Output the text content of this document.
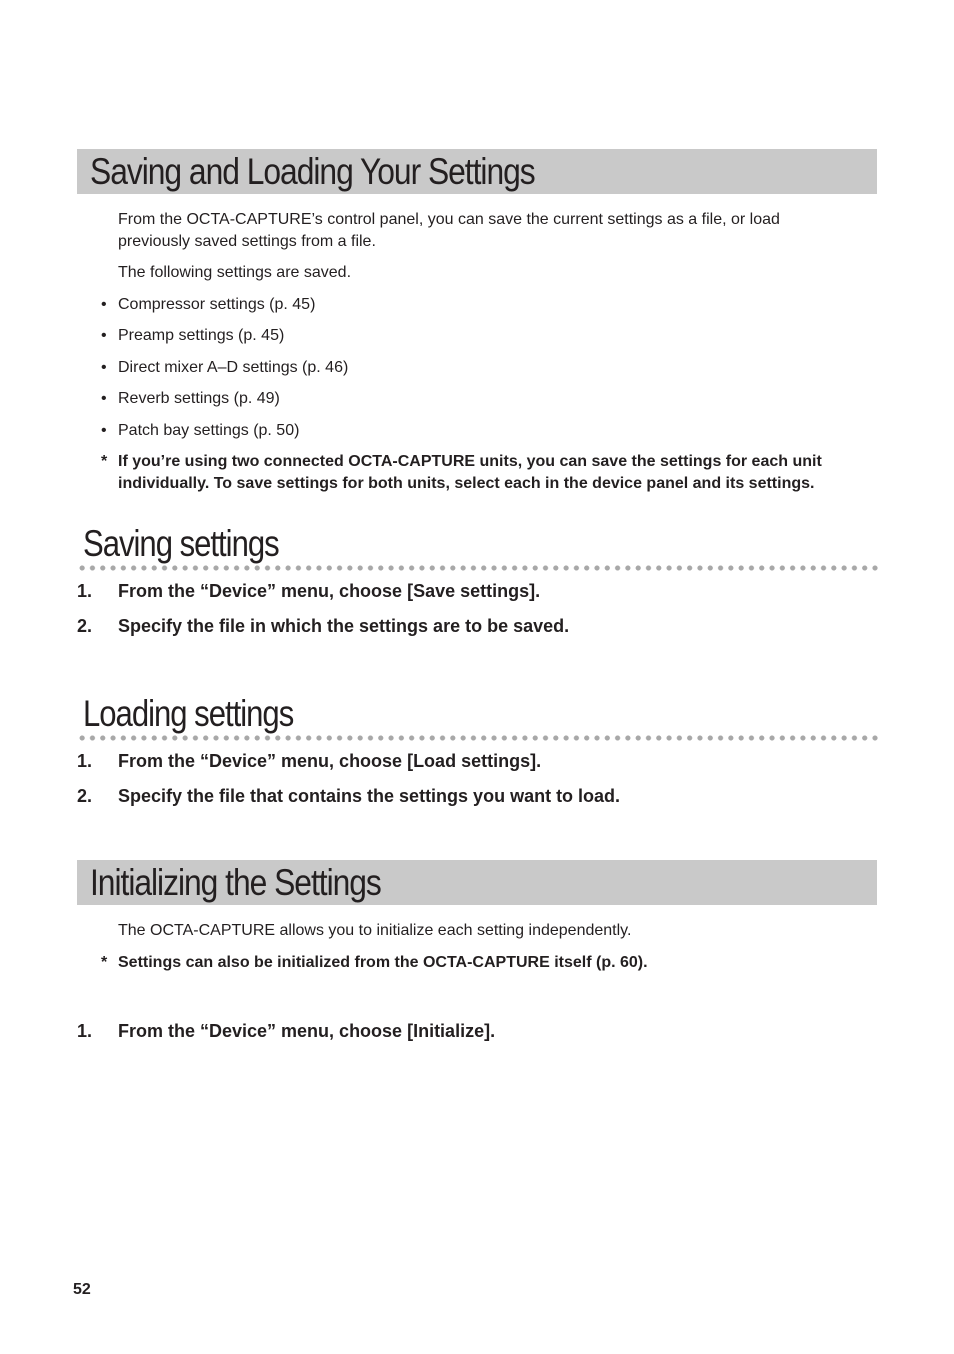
Saving and Loading Your Settings

From the OCTA-CAPTURE’s control panel, you can save the current settings as a file, or load

previously saved settings from a file.

The following settings are saved.

• Compressor settings (p. 45)
• Preamp settings (p. 45)
• Direct mixer A–D settings (p. 46)
• Reverb settings (p. 49)
• Patch bay settings (p. 50)
* If you’re using two connected OCTA-CAPTURE units, you can save the settings for each unit
individually. To save settings for both units, select each in the device panel and its settings.
Saving settings
1. From the “Device” menu, choose [Save settings].
2. Specify the file in which the settings are to be saved.
Loading settings
1. From the “Device” menu, choose [Load settings].
2. Specify the file that contains the settings you want to load.
Initializing the Settings

The OCTA-CAPTURE allows you to initialize each setting independently.

* Settings can also be initialized from the OCTA-CAPTURE itself (p. 60).
1. From the “Device” menu, choose [Initialize].
52
